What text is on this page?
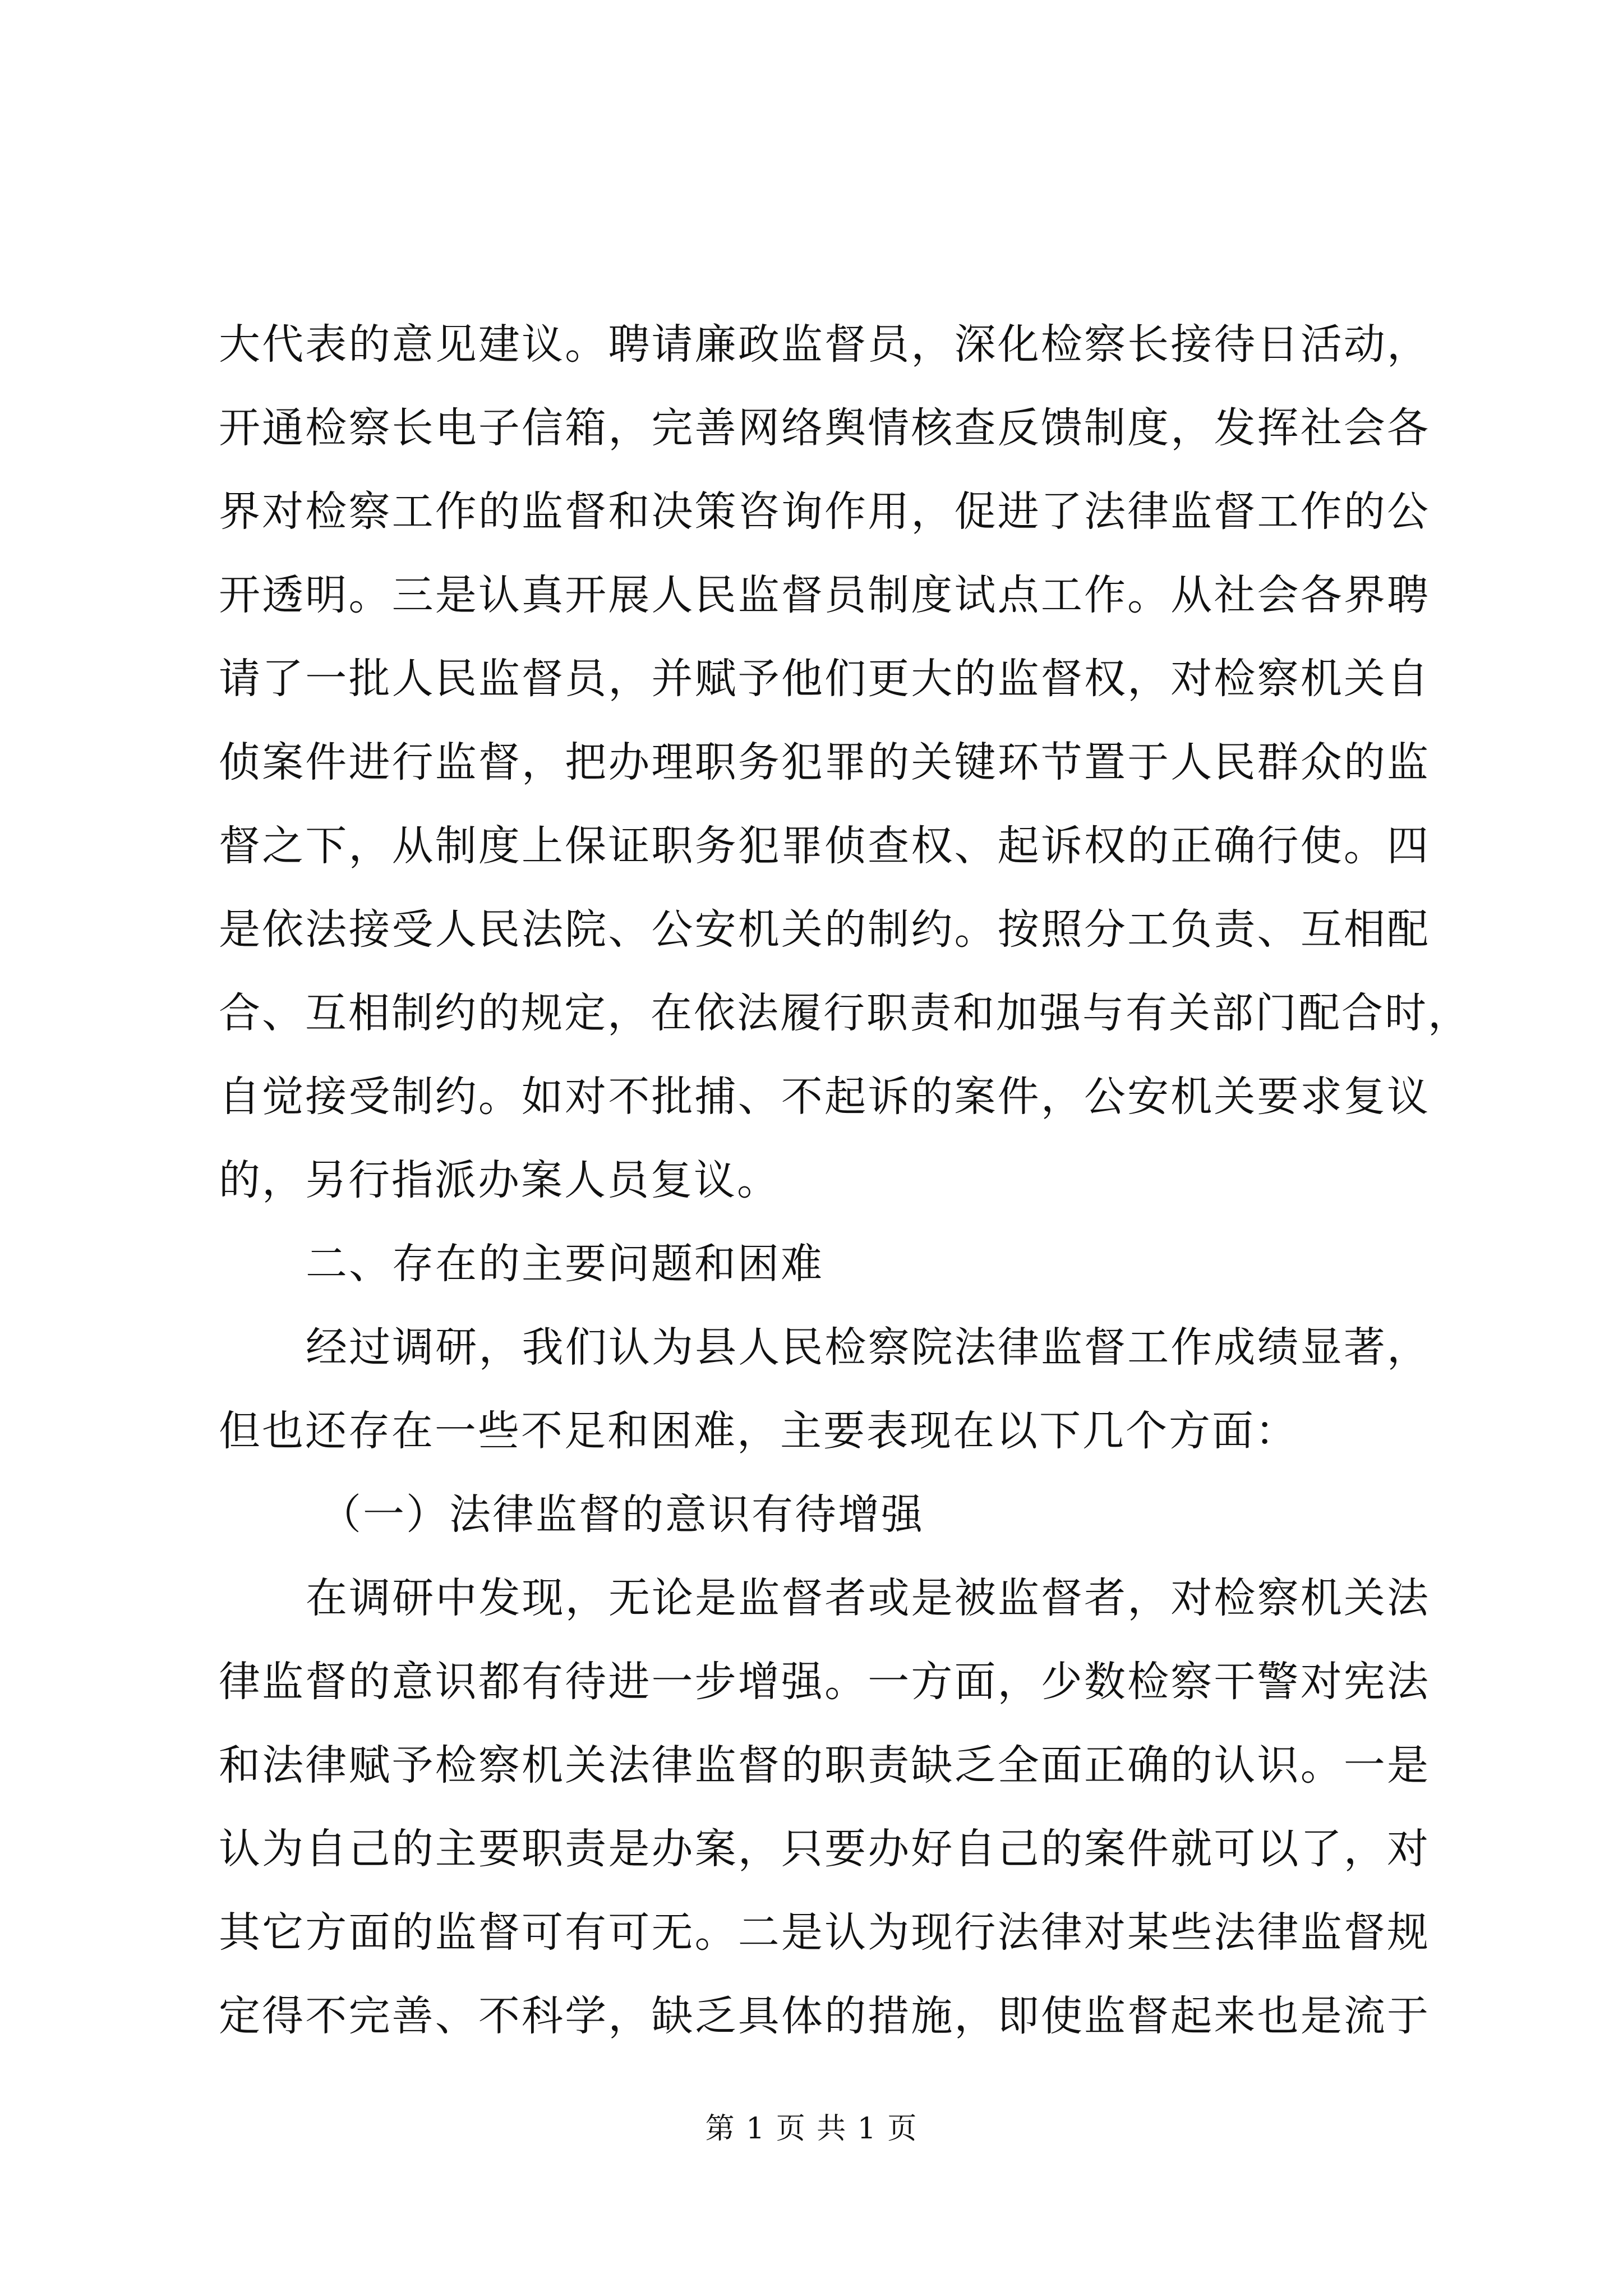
大代表的意见建议。聘请廉政监督员，深化检察长接待日活动，
开通检察长电子信箱，完善网络舆情核查反馈制度，发挥社会各
界对检察工作的监督和决策咨询作用，促进了法律监督工作的公
开透明。三是认真开展人民监督员制度试点工作。从社会各界聘
请了一批人民监督员，并赋予他们更大的监督权，对检察机关自
侦案件进行监督，把办理职务犯罪的关键环节置于人民群众的监
督之下，从制度上保证职务犯罪侦查权、起诉权的正确行使。四
是依法接受人民法院、公安机关的制约。按照分工负责、互相配
合、互相制约的规定，在依法履行职责和加强与有关部门配合时，
自觉接受制约。如对不批捕、不起诉的案件，公安机关要求复议
的，另行指派办案人员复议。
二、存在的主要问题和困难
经过调研，我们认为县人民检察院法律监督工作成绩显著，
但也还存在一些不足和困难，主要表现在以下几个方面：
（一）法律监督的意识有待增强
在调研中发现，无论是监督者或是被监督者，对检察机关法
律监督的意识都有待进一步增强。一方面，少数检察干警对宪法
和法律赋予检察机关法律监督的职责缺乏全面正确的认识。一是
认为自己的主要职责是办案，只要办好自己的案件就可以了，对
其它方面的监督可有可无。二是认为现行法律对某些法律监督规
定得不完善、不科学，缺乏具体的措施，即使监督起来也是流于
第 1 页 共 1 页
